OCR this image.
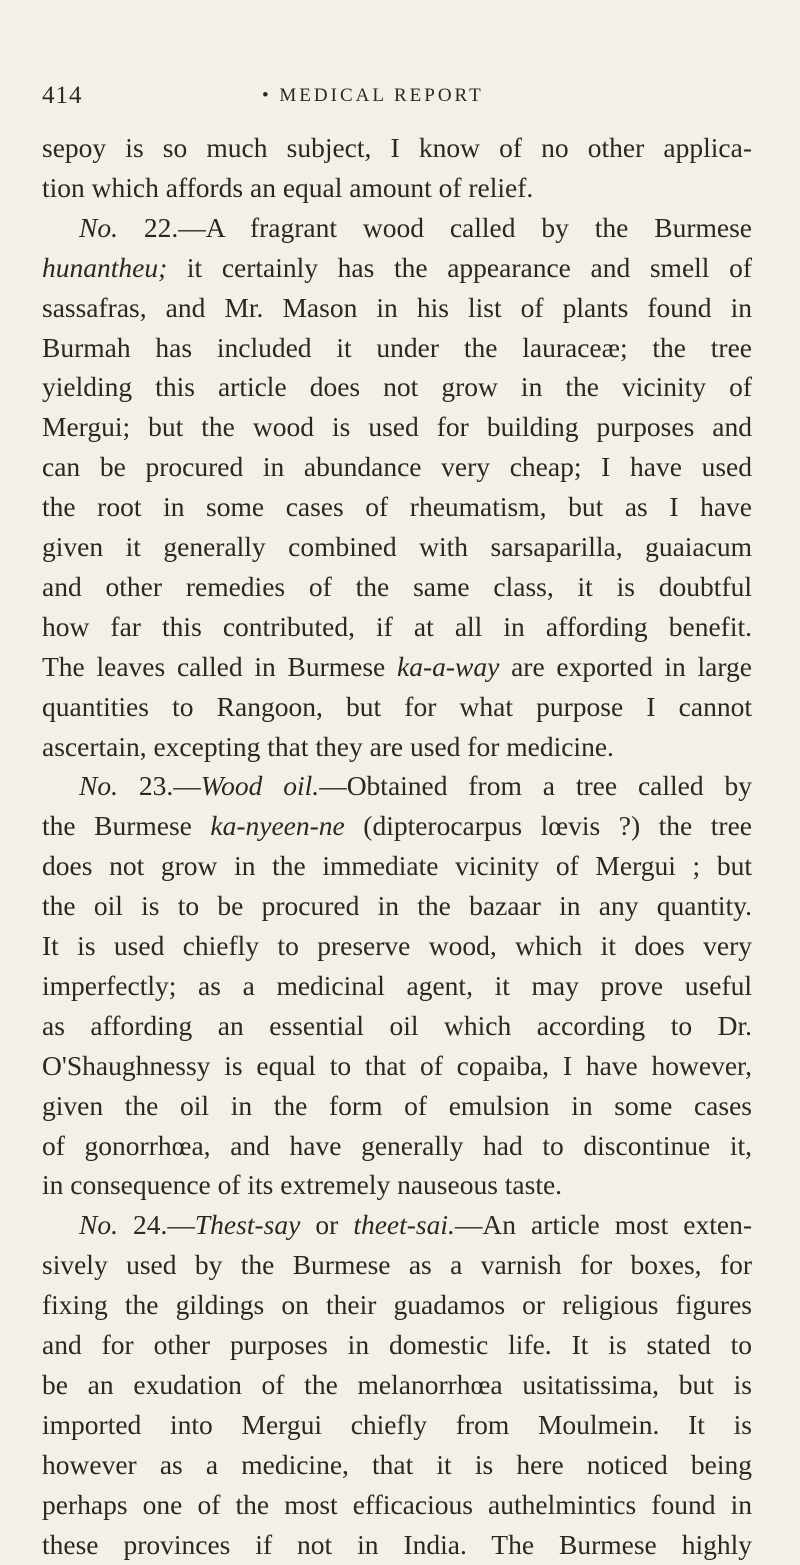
414	• MEDICAL REPORT
sepoy is so much subject, I know of no other applica-
tion which affords an equal amount of relief.
No. 22.—A fragrant wood called by the Burmese
hunantheu; it certainly has the appearance and smell of
sassafras, and Mr. Mason in his list of plants found in
Burmah has included it under the lauraceæ; the tree
yielding this article does not grow in the vicinity of
Mergui; but the wood is used for building purposes and
can be procured in abundance very cheap; I have used
the root in some cases of rheumatism, but as I have
given it generally combined with sarsaparilla, guaiacum
and other remedies of the same class, it is doubtful
how far this contributed, if at all in affording benefit.
The leaves called in Burmese ka-a-way are exported in large
quantities to Rangoon, but for what purpose I cannot
ascertain, excepting that they are used for medicine.
No. 23.—Wood oil.—Obtained from a tree called by
the Burmese ka-nyeen-ne (dipterocarpus lœvis ?) the tree
does not grow in the immediate vicinity of Mergui ; but
the oil is to be procured in the bazaar in any quantity.
It is used chiefly to preserve wood, which it does very
imperfectly; as a medicinal agent, it may prove useful
as affording an essential oil which according to Dr.
O'Shaughnessy is equal to that of copaiba, I have however,
given the oil in the form of emulsion in some cases
of gonorrhœa, and have generally had to discontinue it,
in consequence of its extremely nauseous taste.
No. 24.—Thest-say or theet-sai.—An article most exten-
sively used by the Burmese as a varnish for boxes, for
fixing the gildings on their guadamos or religious figures
and for other purposes in domestic life. It is stated to
be an exudation of the melanorrhœa usitatissima, but is
imported into Mergui chiefly from Moulmein. It is
however as a medicine, that it is here noticed being
perhaps one of the most efficacious authelmintics found in
these provinces if not in India. The Burmese highly
